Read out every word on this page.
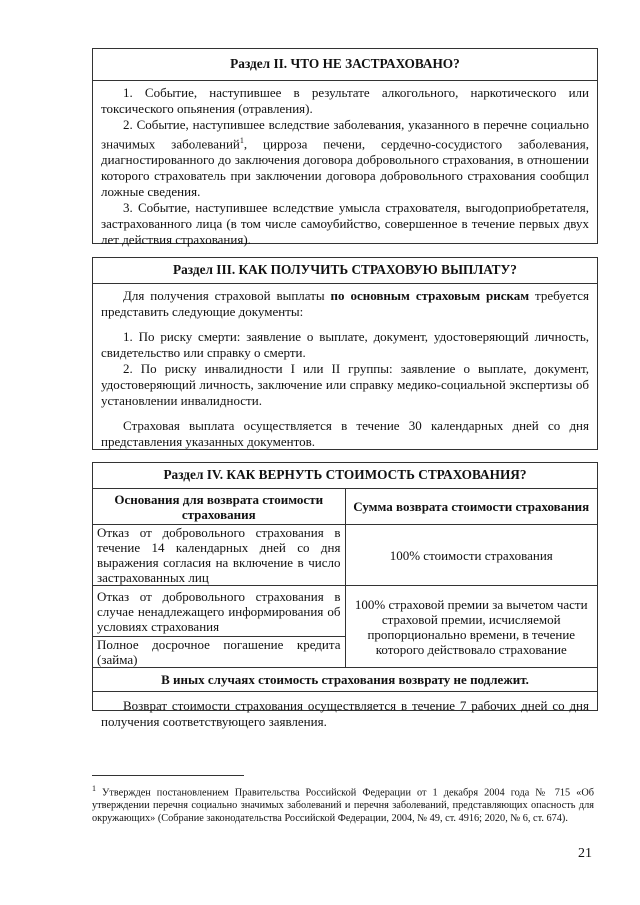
Раздел II. ЧТО НЕ ЗАСТРАХОВАНО?

1. Событие, наступившее в результате алкогольного, наркотического или токсического опьянения (отравления).

2. Событие, наступившее вследствие заболевания, указанного в перечне социально значимых заболеваний$^1$, цирроза печени, сердечно-сосудистого заболевания, диагностированного до заключения договора добровольного страхования, в отношении которого страхователь при заключении договора добровольного страхования сообщил ложные сведения.

3. Событие, наступившее вследствие умысла страхователя, выгодоприобретателя, застрахованного лица (в том числе самоубийство, совершенное в течение первых двух лет действия страхования).

Раздел III. КАК ПОЛУЧИТЬ СТРАХОВУЮ ВЫПЛАТУ?

Для получения страховой выплаты по основным страховым рискам требуется представить следующие документы:

1. По риску смерти: заявление о выплате, документ, удостоверяющий личность, свидетельство или справку о смерти.

2. По риску инвалидности I или II группы: заявление о выплате, документ, удостоверяющий личность, заключение или справку медико-социальной экспертизы об установлении инвалидности.

Страховая выплата осуществляется в течение 30 календарных дней со дня представления указанных документов.

Раздел IV. КАК ВЕРНУТЬ СТОИМОСТЬ СТРАХОВАНИЯ?
Основания для возврата стоимости страхования	Сумма возврата стоимости страхования
Отказ от добровольного страхования в течение 14 календарных дней со дня выражения согласия на включение в число застрахованных лиц	100% стоимости страхования
Отказ от добровольного страхования в случае ненадлежащего информирования об условиях страхования	100% страховой премии за вычетом части страховой премии, исчисляемой пропорционально времени, в течение которого действовало страхование
Полное досрочное погашение кредита (займа)	
В иных случаях стоимость страхования возврату не подлежит.	

Возврат стоимости страхования осуществляется в течение 7 рабочих дней со дня получения соответствующего заявления.

$^1$ Утвержден постановлением Правительства Российской Федерации от 1 декабря 2004 года № 715 «Об утверждении перечня социально значимых заболеваний и перечня заболеваний, представляющих опасность для окружающих» (Собрание законодательства Российской Федерации, 2004, № 49, ст. 4916; 2020, № 6, ст. 674).
21
